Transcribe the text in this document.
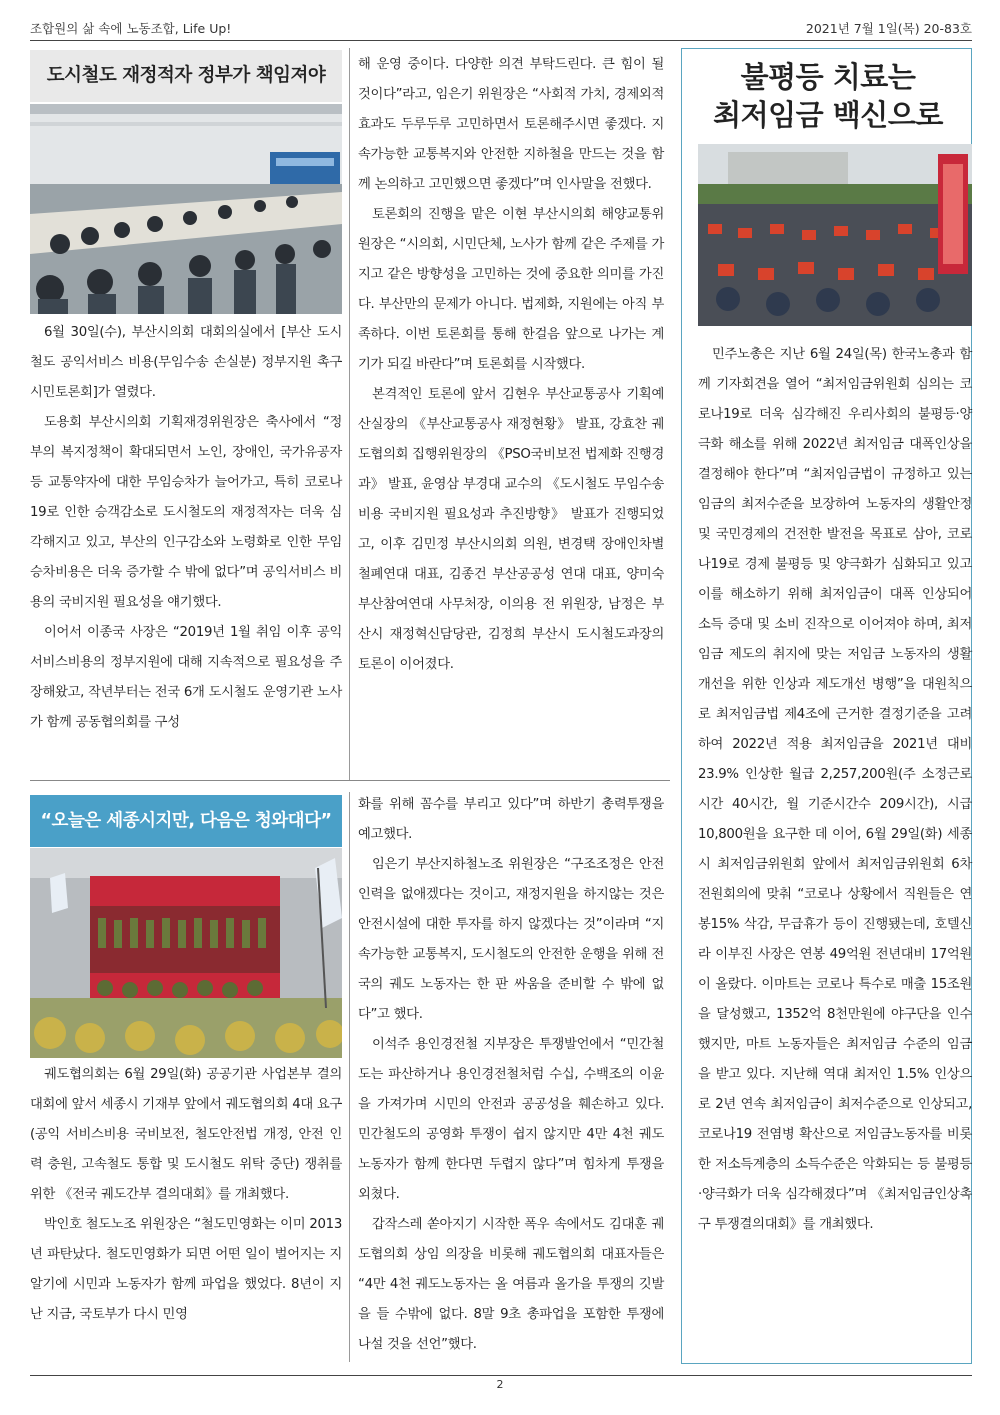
조합원의 삶 속에 노동조합, Life Up!	2021년 7월 1일(목) 20-83호
도시철도 재정적자 정부가 책임져야

6월 30일(수), 부산시의회 대회의실에서 [부산 도시철도 공익서비스 비용(무임수송 손실분) 정부지원 촉구 시민토론회]가 열렸다.

도용회 부산시의회 기획재경위원장은 축사에서 “정부의 복지정책이 확대되면서 노인, 장애인, 국가유공자 등 교통약자에 대한 무임승차가 늘어가고, 특히 코로나 19로 인한 승객감소로 도시철도의 재정적자는 더욱 심각해지고 있고, 부산의 인구감소와 노령화로 인한 무임승차비용은 더욱 증가할 수 밖에 없다”며 공익서비스 비용의 국비지원 필요성을 얘기했다.

이어서 이종국 사장은 “2019년 1월 취임 이후 공익서비스비용의 정부지원에 대해 지속적으로 필요성을 주장해왔고, 작년부터는 전국 6개 도시철도 운영기관 노사가 함께 공동협의회를 구성

해 운영 중이다. 다양한 의견 부탁드린다. 큰 힘이 될 것이다”라고, 임은기 위원장은 “사회적 가치, 경제외적 효과도 두루두루 고민하면서 토론해주시면 좋겠다. 지속가능한 교통복지와 안전한 지하철을 만드는 것을 함께 논의하고 고민했으면 좋겠다”며 인사말을 전했다.

토론회의 진행을 맡은 이현 부산시의회 해양교통위원장은 “시의회, 시민단체, 노사가 함께 같은 주제를 가지고 같은 방향성을 고민하는 것에 중요한 의미를 가진다. 부산만의 문제가 아니다. 법제화, 지원에는 아직 부족하다. 이번 토론회를 통해 한걸음 앞으로 나가는 계기가 되길 바란다”며 토론회를 시작했다.

본격적인 토론에 앞서 김현우 부산교통공사 기획예산실장의 《부산교통공사 재정현황》 발표, 강효찬 궤도협의회 집행위원장의 《PSO국비보전 법제화 진행경과》 발표, 윤영삼 부경대 교수의 《도시철도 무임수송비용 국비지원 필요성과 추진방향》 발표가 진행되었고, 이후 김민정 부산시의회 의원, 변경택 장애인차별철폐연대 대표, 김종건 부산공공성 연대 대표, 양미숙 부산참여연대 사무처장, 이의용 전 위원장, 남정은 부산시 재정혁신담당관, 김정희 부산시 도시철도과장의 토론이 이어졌다.

“오늘은 세종시지만, 다음은 청와대다”

궤도협의회는 6월 29일(화) 공공기관 사업본부 결의대회에 앞서 세종시 기재부 앞에서 궤도협의회 4대 요구(공익 서비스비용 국비보전, 철도안전법 개정, 안전 인력 충원, 고속철도 통합 및 도시철도 위탁 중단) 쟁취를 위한 《전국 궤도간부 결의대회》를 개최했다.

박인호 철도노조 위원장은 “철도민영화는 이미 2013년 파탄났다. 철도민영화가 되면 어떤 일이 벌어지는 지 알기에 시민과 노동자가 함께 파업을 했었다. 8년이 지난 지금, 국토부가 다시 민영

화를 위해 꼼수를 부리고 있다”며 하반기 총력투쟁을 예고했다.

임은기 부산지하철노조 위원장은 “구조조정은 안전인력을 없애겠다는 것이고, 재정지원을 하지않는 것은 안전시설에 대한 투자를 하지 않겠다는 것”이라며 “지속가능한 교통복지, 도시철도의 안전한 운행을 위해 전국의 궤도 노동자는 한 판 싸움을 준비할 수 밖에 없다”고 했다.

이석주 용인경전철 지부장은 투쟁발언에서 “민간철도는 파산하거나 용인경전철처럼 수십, 수백조의 이윤을 가져가며 시민의 안전과 공공성을 훼손하고 있다. 민간철도의 공영화 투쟁이 쉽지 않지만 4만 4천 궤도노동자가 함께 한다면 두렵지 않다”며 힘차게 투쟁을 외쳤다.

갑작스레 쏟아지기 시작한 폭우 속에서도 김대훈 궤도협의회 상임 의장을 비롯해 궤도협의회 대표자들은 “4만 4천 궤도노동자는 올 여름과 올가을 투쟁의 깃발을 들 수밖에 없다. 8말 9초 총파업을 포함한 투쟁에 나설 것을 선언”했다.

불평등 치료는
최저임금 백신으로

민주노총은 지난 6월 24일(목) 한국노총과 함께 기자회견을 열어 “최저임금위원회 심의는 코로나19로 더욱 심각해진 우리사회의 불평등·양극화 해소를 위해 2022년 최저임금 대폭인상을 결정해야 한다”며 “최저임금법이 규정하고 있는 임금의 최저수준을 보장하여 노동자의 생활안정 및 국민경제의 건전한 발전을 목표로 삼아, 코로나19로 경제 불평등 및 양극화가 심화되고 있고 이를 해소하기 위해 최저임금이 대폭 인상되어 소득 증대 및 소비 진작으로 이어져야 하며, 최저임금 제도의 취지에 맞는 저임금 노동자의 생활개선을 위한 인상과 제도개선 병행”을 대원칙으로 최저임금법 제4조에 근거한 결정기준을 고려하여 2022년 적용 최저임금을 2021년 대비 23.9% 인상한 월급 2,257,200원(주 소정근로시간 40시간, 월 기준시간수 209시간), 시급 10,800원을 요구한 데 이어, 6월 29일(화) 세종시 최저임금위원회 앞에서 최저임금위원회 6차 전원회의에 맞춰 “코로나 상황에서 직원들은 연봉15% 삭감, 무급휴가 등이 진행됐는데, 호텔신라 이부진 사장은 연봉 49억원 전년대비 17억원이 올랐다. 이마트는 코로나 특수로 매출 15조원을 달성했고, 1352억 8천만원에 야구단을 인수했지만, 마트 노동자들은 최저임금 수준의 임금을 받고 있다. 지난해 역대 최저인 1.5% 인상으로 2년 연속 최저임금이 최저수준으로 인상되고, 코로나19 전염병 확산으로 저임금노동자를 비롯한 저소득계층의 소득수준은 악화되는 등 불평등·양극화가 더욱 심각해졌다”며 《최저임금인상촉구 투쟁결의대회》를 개최했다.

2
